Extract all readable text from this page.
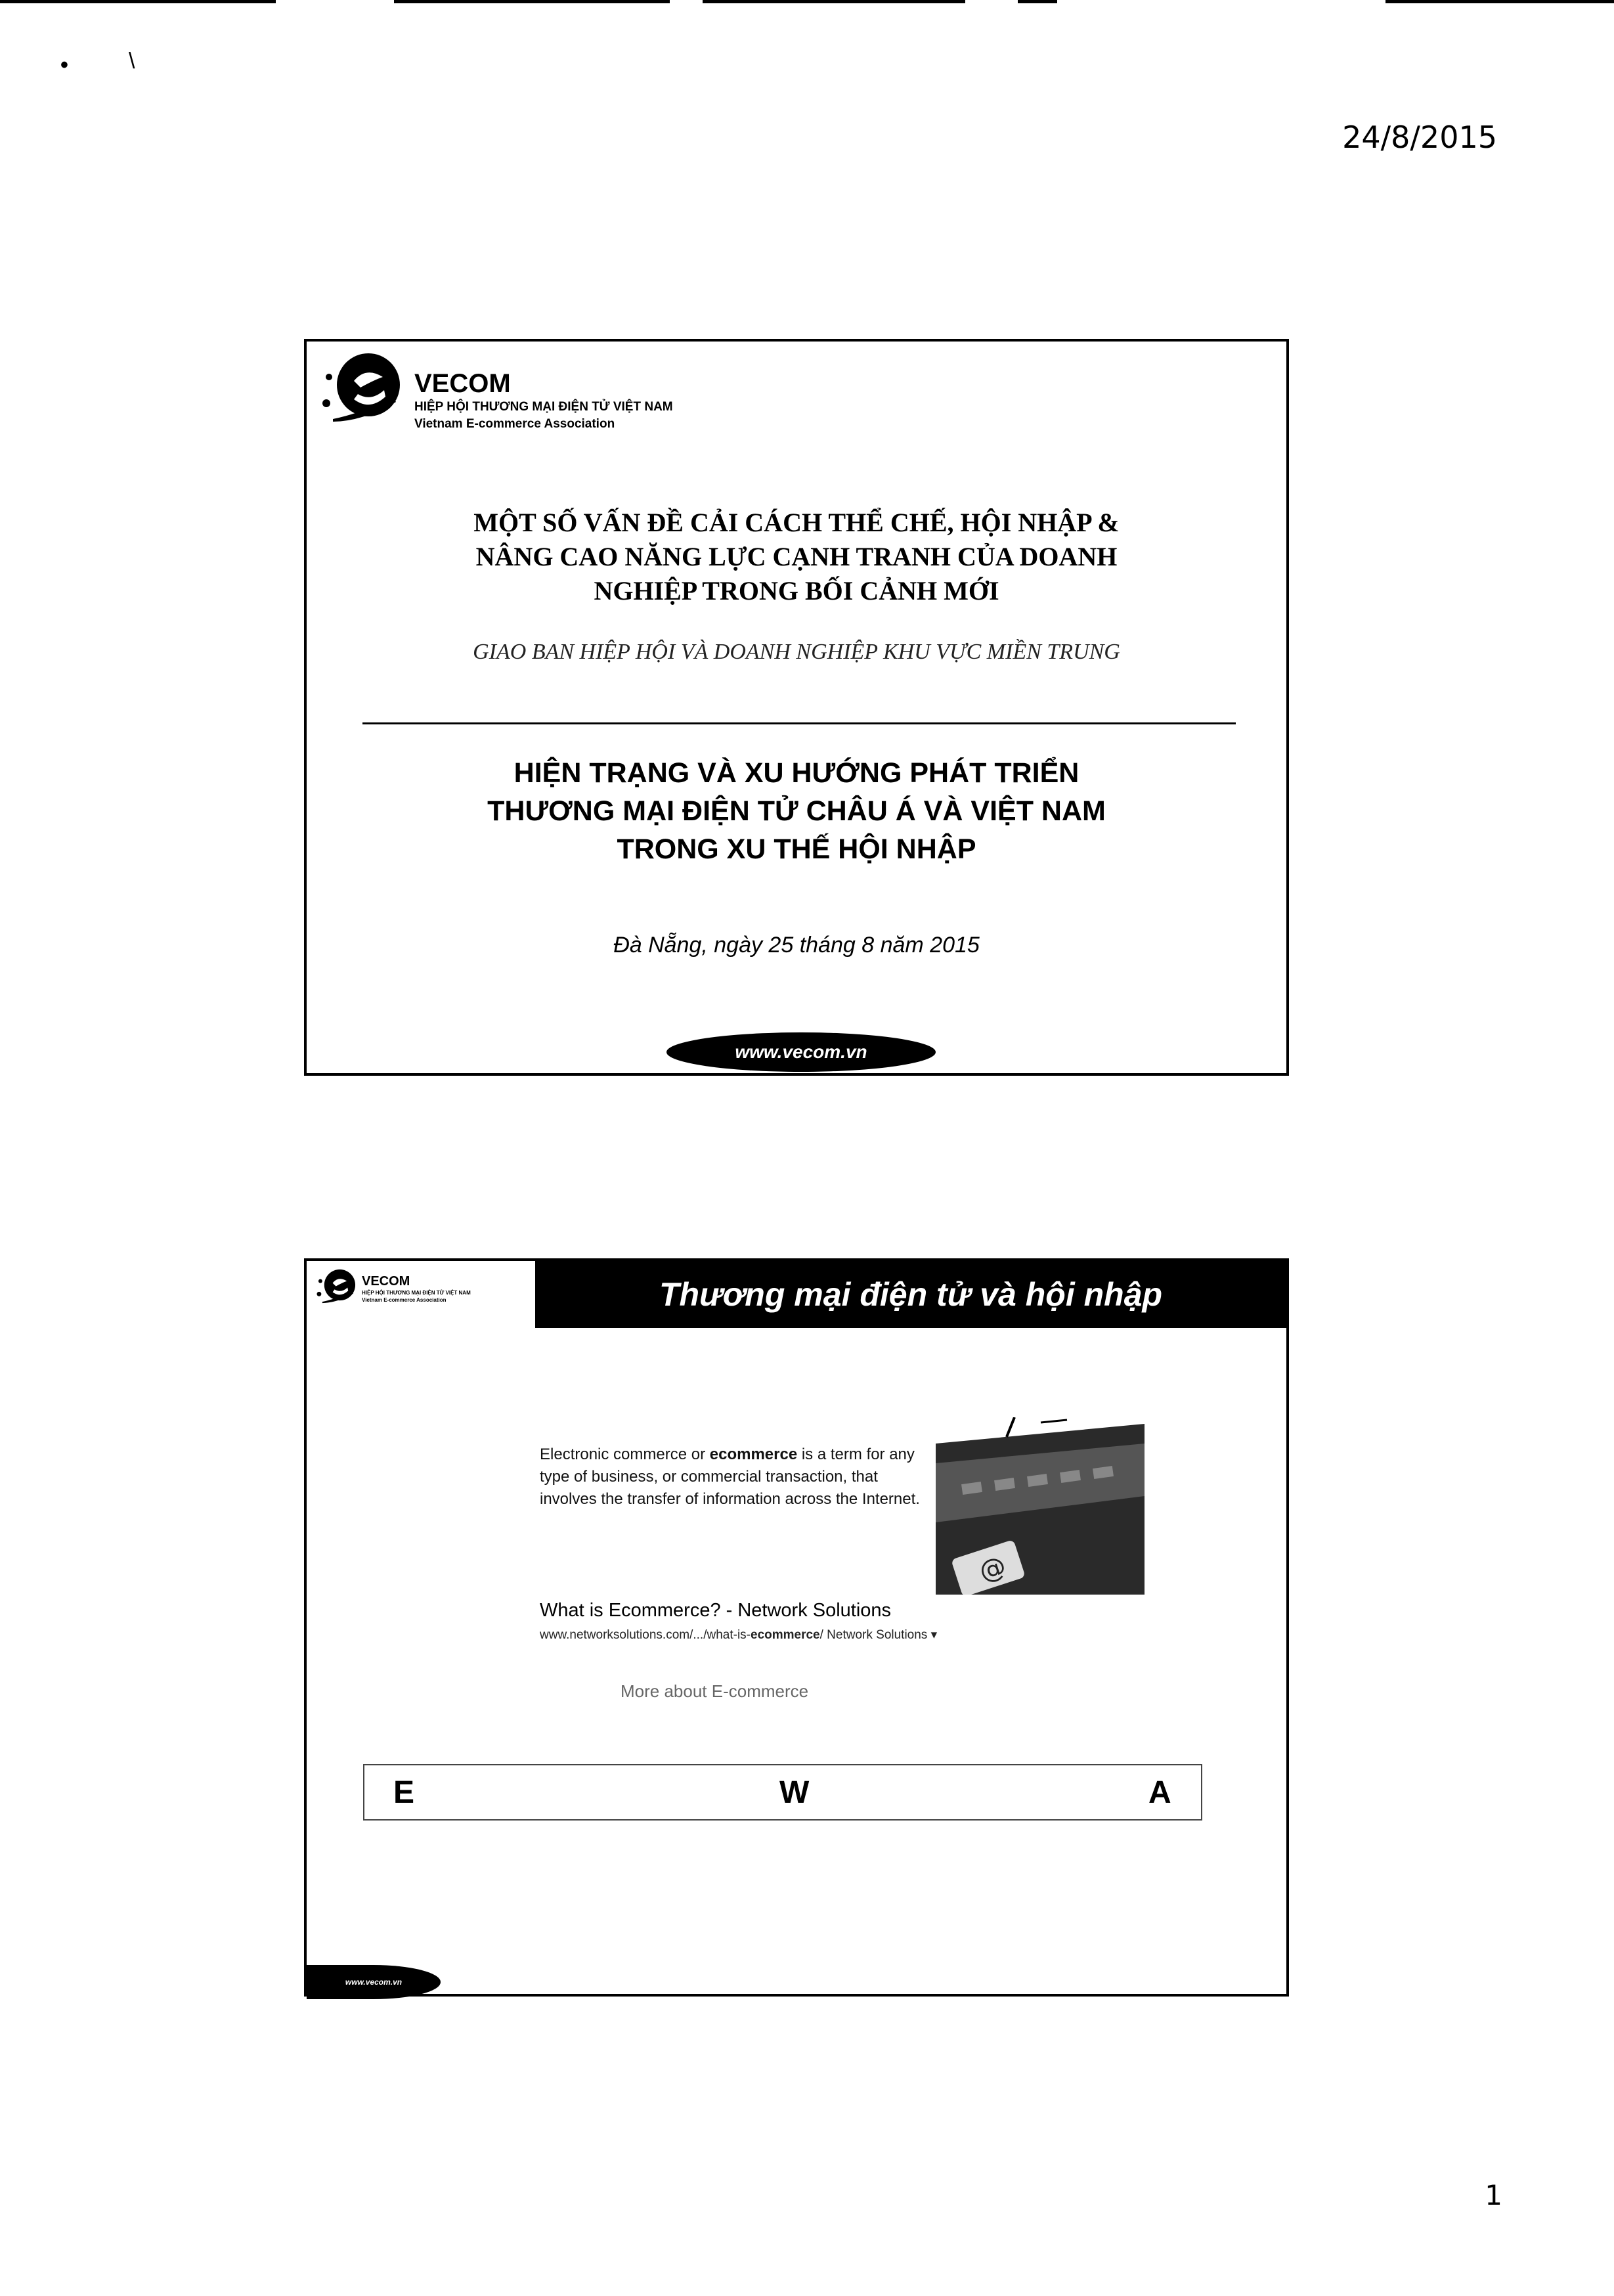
•	\
24/8/2015
VECOM
HIỆP HỘI THƯƠNG MẠI ĐIỆN TỬ VIỆT NAM
Vietnam E-commerce Association
MỘT SỐ VẤN ĐỀ CẢI CÁCH THỂ CHẾ, HỘI NHẬP &
NÂNG CAO NĂNG LỰC CẠNH TRANH CỦA DOANH
NGHIỆP TRONG BỐI CẢNH MỚI
GIAO BAN HIỆP HỘI VÀ DOANH NGHIỆP KHU VỰC MIỀN TRUNG
HIỆN TRẠNG VÀ XU HƯỚNG PHÁT TRIỂN
THƯƠNG MẠI ĐIỆN TỬ CHÂU Á VÀ VIỆT NAM
TRONG XU THẾ HỘI NHẬP
Đà Nẵng, ngày 25 tháng 8 năm 2015
www.vecom.vn
VECOM
HIỆP HỘI THƯƠNG MẠI ĐIỆN TỬ VIỆT NAM
Vietnam E-commerce Association	Thương mại điện tử và hội nhập
Electronic commerce or ecommerce is a term for any type of business, or commercial transaction, that involves the transfer of information across the Internet.
@
What is Ecommerce? - Network Solutions
www.networksolutions.com/.../what-is-ecommerce/ Network Solutions ▾
More about E-commerce
E	W	A
www.vecom.vn
1
